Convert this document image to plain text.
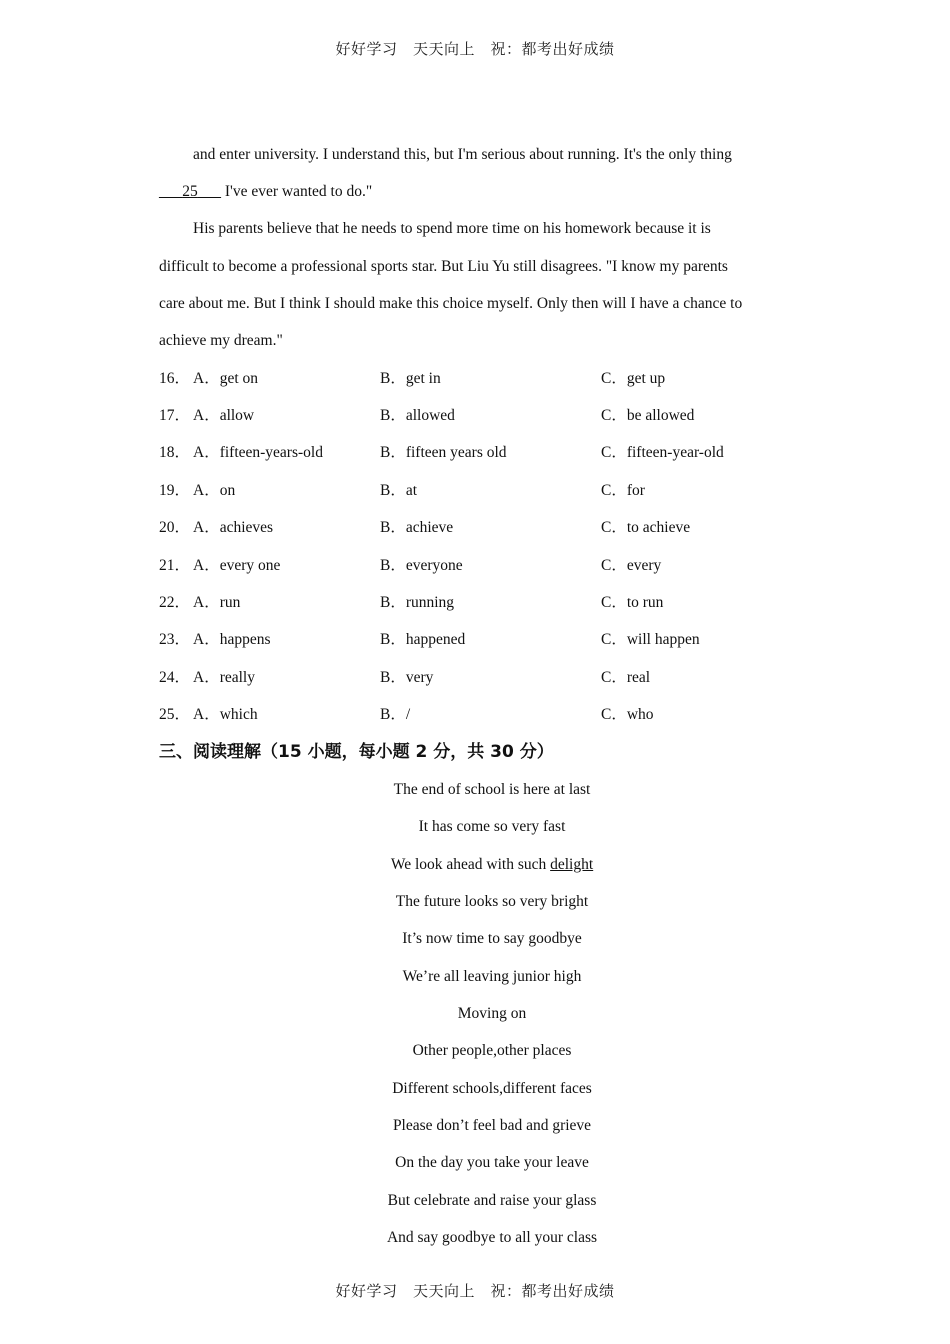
好好学习　天天向上　祝：都考出好成绩
and enter university. I understand this, but I'm serious about running. It's the only thing
___25___ I've ever wanted to do."
His parents believe that he needs to spend more time on his homework because it is
difficult to become a professional sports star. But Liu Yu still disagrees. "I know my parents
care about me. But I think I should make this choice myself. Only then will I have a chance to
achieve my dream."
16． A．get on	B．get in	C．get up
17． A．allow	B．allowed	C．be allowed
18． A．fifteen-years-old	B．fifteen years old	C．fifteen-year-old
19． A．on	B．at	C．for
20． A．achieves	B．achieve	C．to achieve
21． A．every one	B．everyone	C．every
22． A．run	B．running	C．to run
23． A．happens	B．happened	C．will happen
24． A．really	B．very	C．real
25． A．which	B．/	C．who
三、阅读理解（15 小题，每小题 2 分，共 30 分）
The end of school is here at last
It has come so very fast
We look ahead with such delight
The future looks so very bright
It’s now time to say goodbye
We’re all leaving junior high
Moving on
Other people,other places
Different schools,different faces
Please don’t feel bad and grieve
On the day you take your leave
But celebrate and raise your glass
And say goodbye to all your class
好好学习　天天向上　祝：都考出好成绩
